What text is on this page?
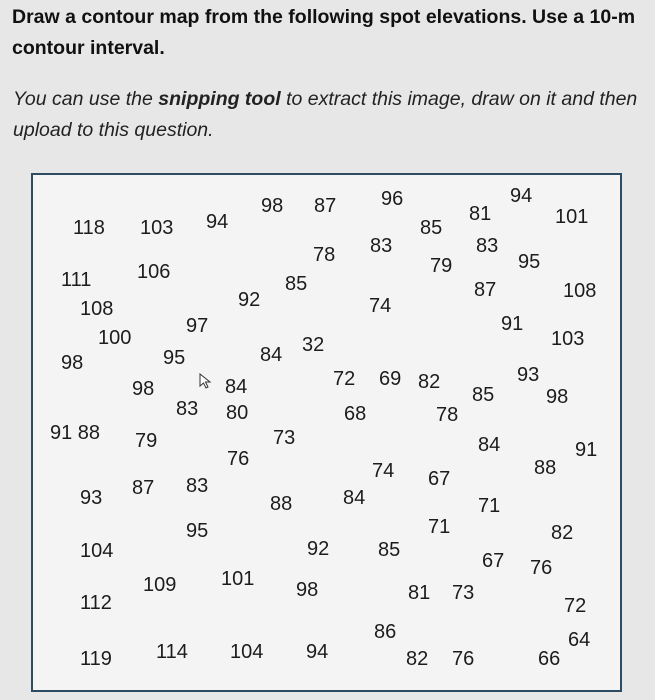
Draw a contour map from the following spot elevations. Use a 10-m contour interval.
You can use the snipping tool to extract this image, draw on it and then upload to this question.
118 103 94
98 87 96	94
81	101
85
83
78	83
95
79
106
111	85
92	87	108
74
108
91
97
100	103
84 32
98	95
93
72 69 82
85	98
84
98
83 80	68	78
91 88 79	73	84	91
76
74 67	88
93 87 83
84	71
88
82
95
104	92 85
71
67 76
109 101
112
98	81 73
72
86	64
119 114 104 94	82 76	66
